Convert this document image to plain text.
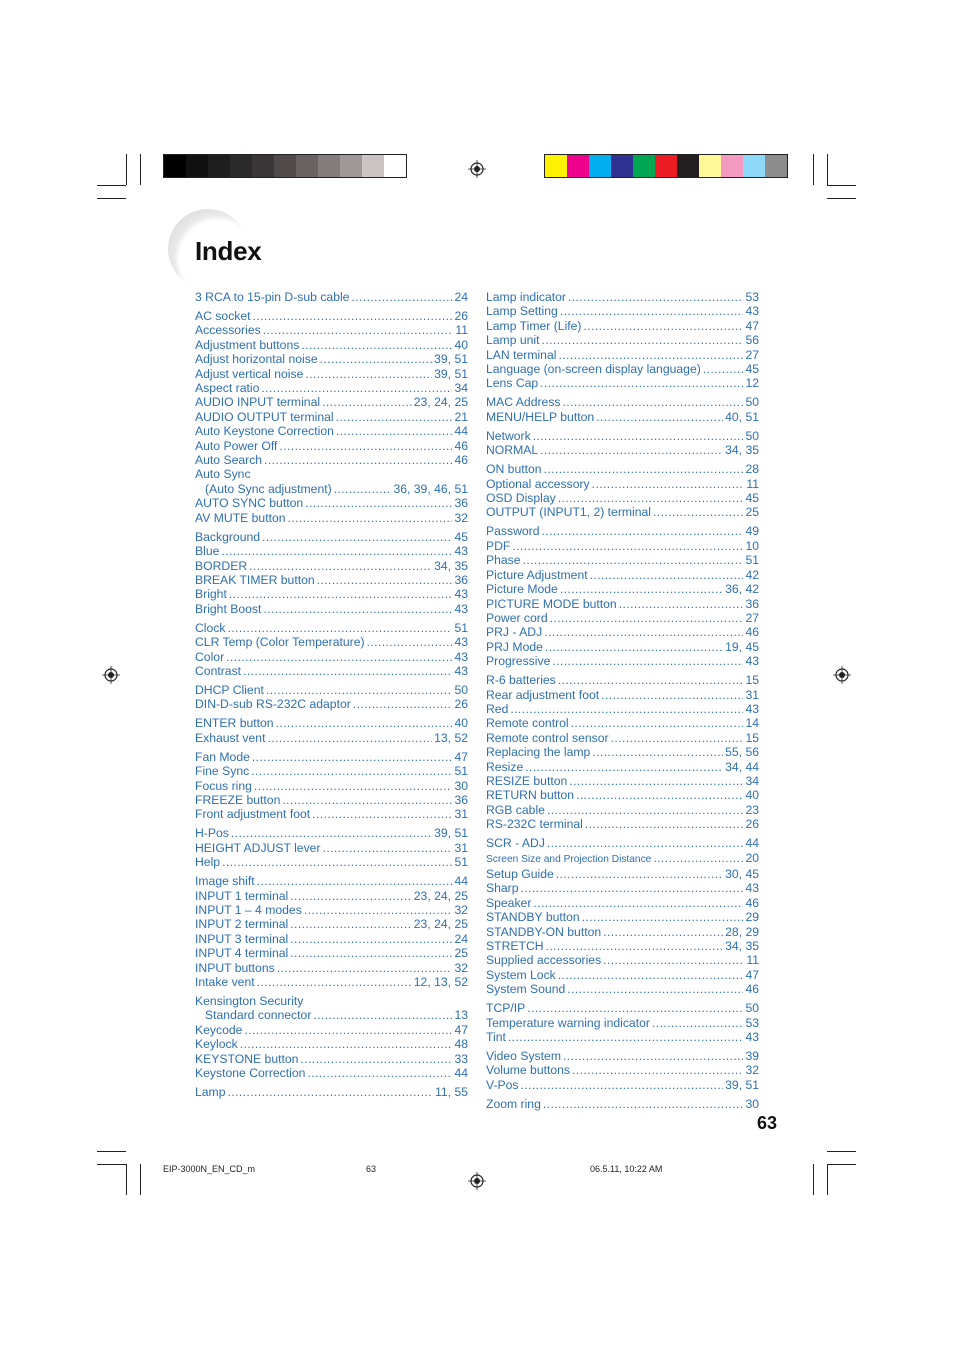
Index
3 RCA to 15-pin D-sub cable .....	24
AC socket .....	26
Accessories .....	11
Adjustment buttons .....	40
Adjust horizontal noise .....	39, 51
Adjust vertical noise .....	39, 51
Aspect ratio .....	34
AUDIO INPUT terminal .....	23, 24, 25
AUDIO OUTPUT terminal .....	21
Auto Keystone Correction .....	44
Auto Power Off .....	46
Auto Search .....	46
Auto Sync
(Auto Sync adjustment) .....	36, 39, 46, 51
AUTO SYNC button .....	36
AV MUTE button .....	32
Background .....	45
Blue .....	43
BORDER .....	34, 35
BREAK TIMER button .....	36
Bright .....	43
Bright Boost .....	43
Clock .....	51
CLR Temp (Color Temperature) .....	43
Color .....	43
Contrast .....	43
DHCP Client .....	50
DIN-D-sub RS-232C adaptor .....	26
ENTER button .....	40
Exhaust vent .....	13, 52
Fan Mode .....	47
Fine Sync .....	51
Focus ring .....	30
FREEZE button .....	36
Front adjustment foot .....	31
H-Pos .....	39, 51
HEIGHT ADJUST lever .....	31
Help .....	51
Image shift .....	44
INPUT 1 terminal .....	23, 24, 25
INPUT 1 – 4 modes .....	32
INPUT 2 terminal .....	23, 24, 25
INPUT 3 terminal .....	24
INPUT 4 terminal .....	25
INPUT buttons .....	32
Intake vent .....	12, 13, 52
Kensington Security
Standard connector .....	13
Keycode .....	47
Keylock .....	48
KEYSTONE button .....	33
Keystone Correction .....	44
Lamp .....	11, 55
Lamp indicator .....	53
Lamp Setting .....	43
Lamp Timer (Life) .....	47
Lamp unit .....	56
LAN terminal .....	27
Language (on-screen display language) .....	45
Lens Cap .....	12
MAC Address .....	50
MENU/HELP button .....	40, 51
Network .....	50
NORMAL .....	34, 35
ON button .....	28
Optional accessory .....	11
OSD Display .....	45
OUTPUT (INPUT1, 2) terminal .....	25
Password .....	49
PDF .....	10
Phase .....	51
Picture Adjustment .....	42
Picture Mode .....	36, 42
PICTURE MODE button .....	36
Power cord .....	27
PRJ - ADJ .....	46
PRJ Mode .....	19, 45
Progressive .....	43
R-6 batteries .....	15
Rear adjustment foot .....	31
Red .....	43
Remote control .....	14
Remote control sensor .....	15
Replacing the lamp .....	55, 56
Resize .....	34, 44
RESIZE button .....	34
RETURN button .....	40
RGB cable .....	23
RS-232C terminal .....	26
SCR - ADJ .....	44
Screen Size and Projection Distance .....	20
Setup Guide .....	30, 45
Sharp .....	43
Speaker .....	46
STANDBY button .....	29
STANDBY-ON button .....	28, 29
STRETCH .....	34, 35
Supplied accessories .....	11
System Lock .....	47
System Sound .....	46
TCP/IP .....	50
Temperature warning indicator .....	53
Tint .....	43
Video System .....	39
Volume buttons .....	32
V-Pos .....	39, 51
Zoom ring .....	30
63
EIP-3000N_EN_CD_m	63	06.5.11, 10:22 AM
